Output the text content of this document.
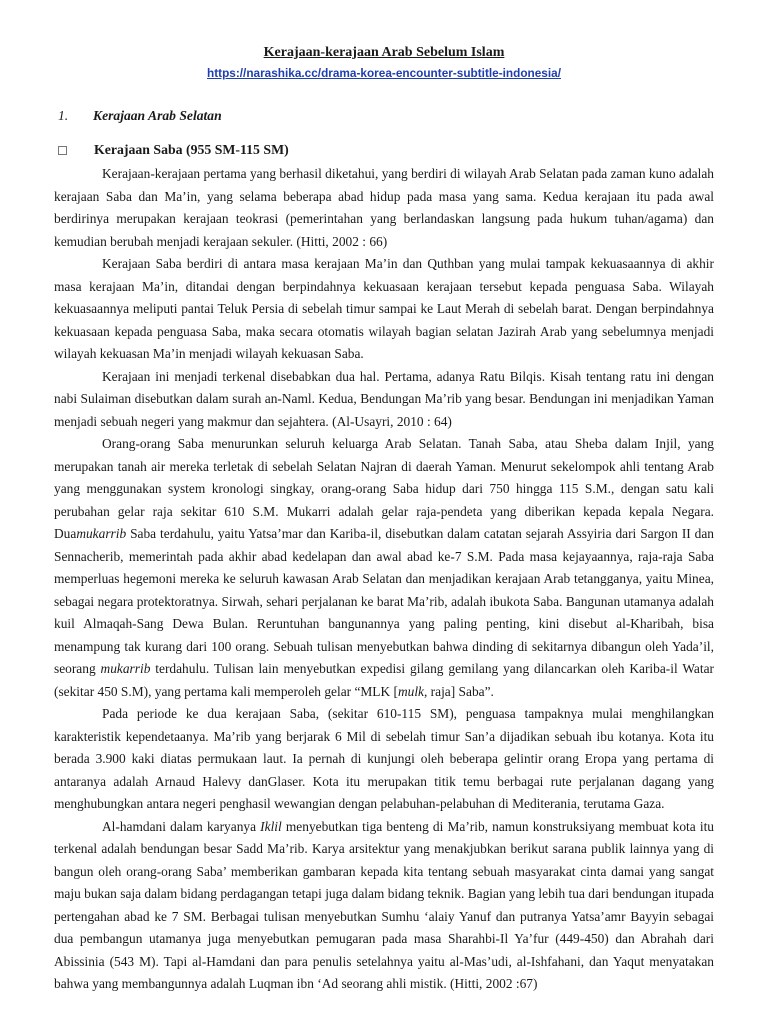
Kerajaan-kerajaan Arab Sebelum Islam
https://narashika.cc/drama-korea-encounter-subtitle-indonesia/
1.	Kerajaan Arab Selatan
Kerajaan Saba (955 SM-115 SM)

Kerajaan-kerajaan pertama yang berhasil diketahui, yang berdiri di wilayah Arab Selatan pada zaman kuno adalah kerajaan Saba dan Ma’in, yang selama beberapa abad hidup pada masa yang sama. Kedua kerajaan itu pada awal berdirinya merupakan kerajaan teokrasi (pemerintahan yang berlandaskan langsung pada hukum tuhan/agama) dan kemudian berubah menjadi kerajaan sekuler. (Hitti, 2002 : 66)

Kerajaan Saba berdiri di antara masa kerajaan Ma’in dan Quthban yang mulai tampak kekuasaannya di akhir masa kerajaan Ma’in, ditandai dengan berpindahnya kekuasaan kerajaan tersebut kepada penguasa Saba. Wilayah kekuasaannya meliputi pantai Teluk Persia di sebelah timur sampai ke Laut Merah di sebelah barat. Dengan berpindahnya kekuasaan kepada penguasa Saba, maka secara otomatis wilayah bagian selatan Jazirah Arab yang sebelumnya menjadi wilayah kekuasan Ma’in menjadi wilayah kekuasan Saba.

Kerajaan ini menjadi terkenal disebabkan dua hal. Pertama, adanya Ratu Bilqis. Kisah tentang ratu ini dengan nabi Sulaiman disebutkan dalam surah an-Naml. Kedua, Bendungan Ma’rib yang besar. Bendungan ini menjadikan Yaman menjadi sebuah negeri yang makmur dan sejahtera. (Al-Usayri, 2010 : 64)

Orang-orang Saba menurunkan seluruh keluarga Arab Selatan. Tanah Saba, atau Sheba dalam Injil, yang merupakan tanah air mereka terletak di sebelah Selatan Najran di daerah Yaman. Menurut sekelompok ahli tentang Arab yang menggunakan system kronologi singkay, orang-orang Saba hidup dari 750 hingga 115 S.M., dengan satu kali perubahan gelar raja sekitar 610 S.M. Mukarri adalah gelar raja-pendeta yang diberikan kepada kepala Negara. Duamukarrib Saba terdahulu, yaitu Yatsa’mar dan Kariba-il, disebutkan dalam catatan sejarah Assyiria dari Sargon II dan Sennacherib, memerintah pada akhir abad kedelapan dan awal abad ke-7 S.M. Pada masa kejayaannya, raja-raja Saba memperluas hegemoni mereka ke seluruh kawasan Arab Selatan dan menjadikan kerajaan Arab tetangganya, yaitu Minea, sebagai negara protektoratnya. Sirwah, sehari perjalanan ke barat Ma’rib, adalah ibukota Saba. Bangunan utamanya adalah kuil Almaqah-Sang Dewa Bulan. Reruntuhan bangunannya yang paling penting, kini disebut al-Kharibah, bisa menampung tak kurang dari 100 orang. Sebuah tulisan menyebutkan bahwa dinding di sekitarnya dibangun oleh Yada’il, seorang mukarrib terdahulu. Tulisan lain menyebutkan expedisi gilang gemilang yang dilancarkan oleh Kariba-il Watar (sekitar 450 S.M), yang pertama kali memperoleh gelar “MLK [mulk, raja] Saba”.

Pada periode ke dua kerajaan Saba, (sekitar 610-115 SM), penguasa tampaknya mulai menghilangkan karakteristik kependetaanya. Ma’rib yang berjarak 6 Mil di sebelah timur San’a dijadikan sebuah ibu kotanya. Kota itu berada 3.900 kaki diatas permukaan laut. Ia pernah di kunjungi oleh beberapa gelintir orang Eropa yang pertama di antaranya adalah Arnaud Halevy danGlaser. Kota itu merupakan titik temu berbagai rute perjalanan dagang yang menghubungkan antara negeri penghasil wewangian dengan pelabuhan-pelabuhan di Mediterania, terutama Gaza.

Al-hamdani dalam karyanya Iklil menyebutkan tiga benteng di Ma’rib, namun konstruksiyang membuat kota itu terkenal adalah bendungan besar Sadd Ma’rib. Karya arsitektur yang menakjubkan berikut sarana publik lainnya yang di bangun oleh orang-orang Saba’ memberikan gambaran kepada kita tentang sebuah masyarakat cinta damai yang sangat maju bukan saja dalam bidang perdagangan tetapi juga dalam bidang teknik. Bagian yang lebih tua dari bendungan itupada pertengahan abad ke 7 SM. Berbagai tulisan menyebutkan Sumhu ‘alaiy Yanuf dan putranya Yatsa’amr Bayyin sebagai dua pembangun utamanya juga menyebutkan pemugaran pada masa Sharahbi-Il Ya’fur (449-450) dan Abrahah dari Abissinia (543 M). Tapi al-Hamdani dan para penulis setelahnya yaitu al-Mas’udi, al-Ishfahani, dan Yaqut menyatakan bahwa yang membangunnya adalah Luqman ibn ‘Ad seorang ahli mistik. (Hitti, 2002 :67)
